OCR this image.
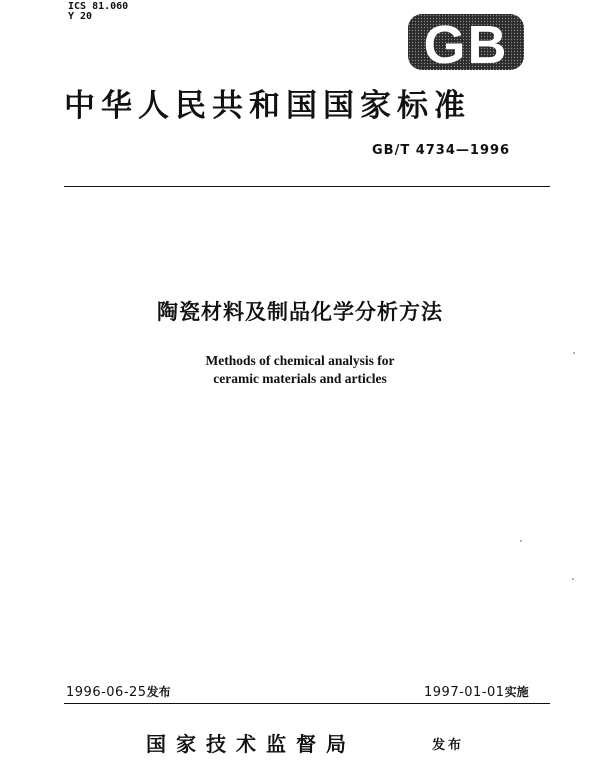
ICS 81.060
Y 20	GB
中华人民共和国国家标准
GB/T 4734—1996
陶瓷材料及制品化学分析方法
Methods of chemical analysis for
ceramic materials and articles
1996-06-25发布	1997-01-01实施
国家技术监督局	发布
